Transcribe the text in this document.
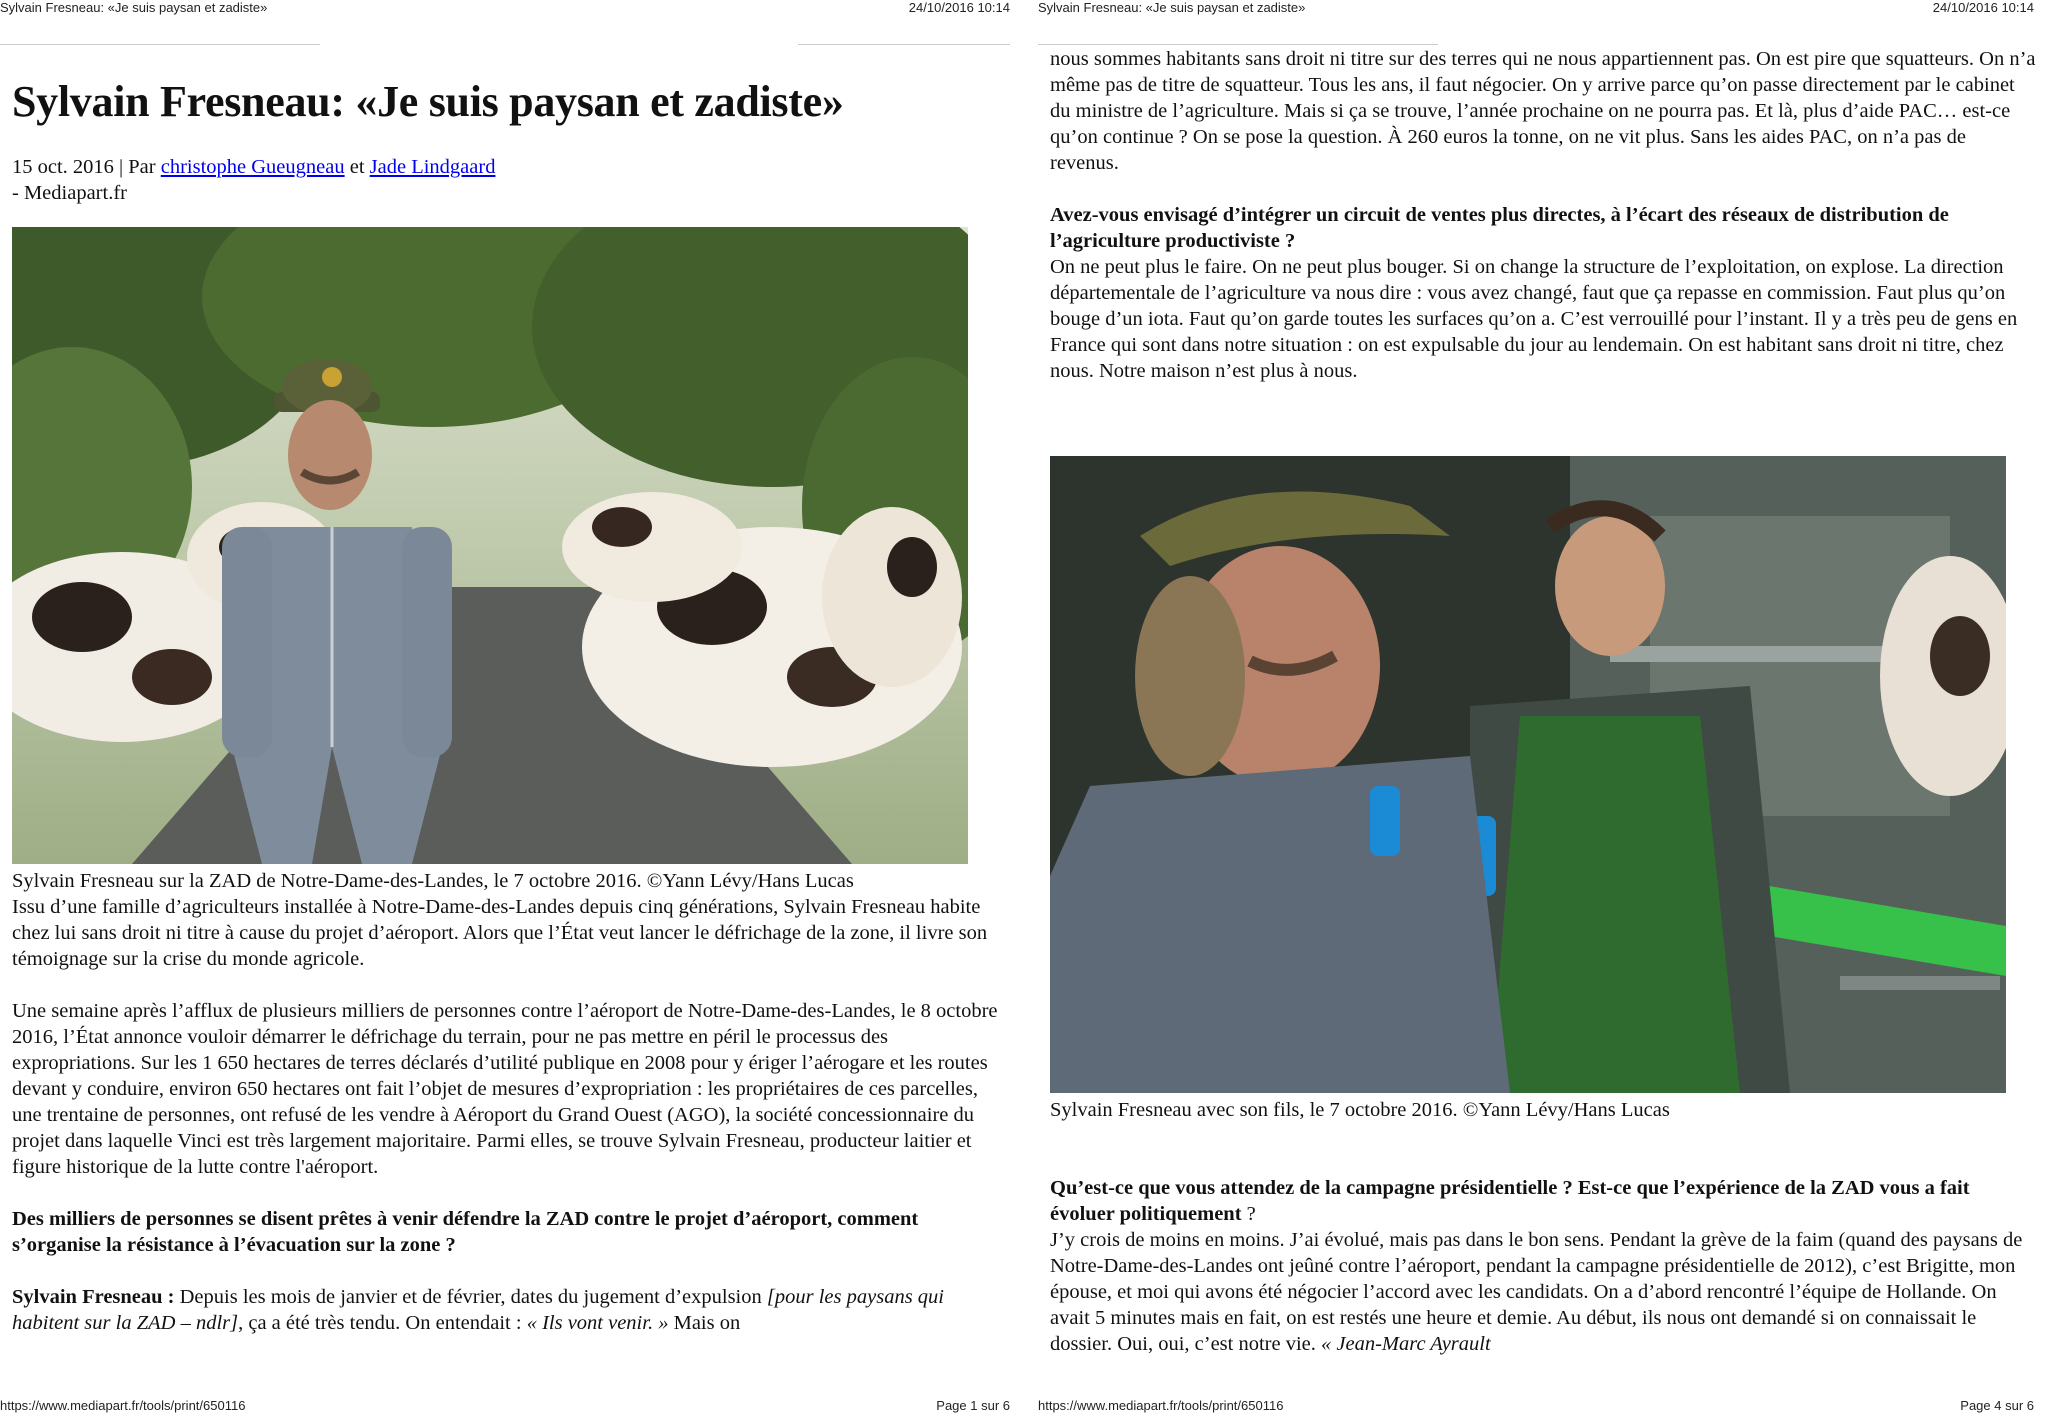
Sylvain Fresneau: «Je suis paysan et zadiste»	24/10/2016 10:14
Sylvain Fresneau: «Je suis paysan et zadiste»
15 oct. 2016 | Par christophe Gueugneau et Jade Lindgaard
- Mediapart.fr

Sylvain Fresneau sur la ZAD de Notre-Dame-des-Landes, le 7 octobre 2016. ©Yann Lévy/Hans Lucas

Issu d’une famille d’agriculteurs installée à Notre-Dame-des-Landes depuis cinq générations, Sylvain Fresneau habite chez lui sans droit ni titre à cause du projet d’aéroport. Alors que l’État veut lancer le défrichage de la zone, il livre son témoignage sur la crise du monde agricole.

Une semaine après l’afflux de plusieurs milliers de personnes contre l’aéroport de Notre-Dame-des-Landes, le 8 octobre 2016, l’État annonce vouloir démarrer le défrichage du terrain, pour ne pas mettre en péril le processus des expropriations. Sur les 1 650 hectares de terres déclarés d’utilité publique en 2008 pour y ériger l’aérogare et les routes devant y conduire, environ 650 hectares ont fait l’objet de mesures d’expropriation : les propriétaires de ces parcelles, une trentaine de personnes, ont refusé de les vendre à Aéroport du Grand Ouest (AGO), la société concessionnaire du projet dans laquelle Vinci est très largement majoritaire. Parmi elles, se trouve Sylvain Fresneau, producteur laitier et figure historique de la lutte contre l'aéroport.

Des milliers de personnes se disent prêtes à venir défendre la ZAD contre le projet d’aéroport, comment s’organise la résistance à l’évacuation sur la zone ?

Sylvain Fresneau : Depuis les mois de janvier et de février, dates du jugement d’expulsion [pour les paysans qui habitent sur la ZAD – ndlr], ça a été très tendu. On entendait : « Ils vont venir. » Mais on

https://www.mediapart.fr/tools/print/650116	Page 1 sur 6
Sylvain Fresneau: «Je suis paysan et zadiste»	24/10/2016 10:14

nous sommes habitants sans droit ni titre sur des terres qui ne nous appartiennent pas. On est pire que squatteurs. On n’a même pas de titre de squatteur. Tous les ans, il faut négocier. On y arrive parce qu’on passe directement par le cabinet du ministre de l’agriculture. Mais si ça se trouve, l’année prochaine on ne pourra pas. Et là, plus d’aide PAC… est-ce qu’on continue ? On se pose la question. À 260 euros la tonne, on ne vit plus. Sans les aides PAC, on n’a pas de revenus.

Avez-vous envisagé d’intégrer un circuit de ventes plus directes, à l’écart des réseaux de distribution de l’agriculture productiviste ?

On ne peut plus le faire. On ne peut plus bouger. Si on change la structure de l’exploitation, on explose. La direction départementale de l’agriculture va nous dire : vous avez changé, faut que ça repasse en commission. Faut plus qu’on bouge d’un iota. Faut qu’on garde toutes les surfaces qu’on a. C’est verrouillé pour l’instant. Il y a très peu de gens en France qui sont dans notre situation : on est expulsable du jour au lendemain. On est habitant sans droit ni titre, chez nous. Notre maison n’est plus à nous.

Sylvain Fresneau avec son fils, le 7 octobre 2016. ©Yann Lévy/Hans Lucas

Qu’est-ce que vous attendez de la campagne présidentielle ? Est-ce que l’expérience de la ZAD vous a fait évoluer politiquement ?

J’y crois de moins en moins. J’ai évolué, mais pas dans le bon sens. Pendant la grève de la faim (quand des paysans de Notre-Dame-des-Landes ont jeûné contre l’aéroport, pendant la campagne présidentielle de 2012), c’est Brigitte, mon épouse, et moi qui avons été négocier l’accord avec les candidats. On a d’abord rencontré l’équipe de Hollande. On avait 5 minutes mais en fait, on est restés une heure et demie. Au début, ils nous ont demandé si on connaissait le dossier. Oui, oui, c’est notre vie. « Jean-Marc Ayrault

https://www.mediapart.fr/tools/print/650116	Page 4 sur 6
